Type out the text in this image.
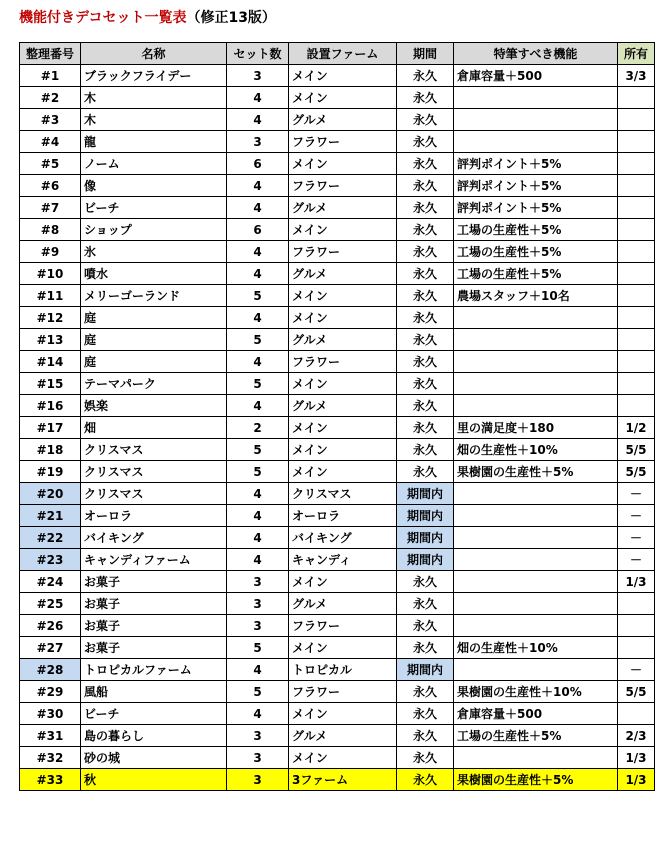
機能付きデコセット一覧表（修正13版）
整理番号	名称	セット数	設置ファーム	期間	特筆すべき機能	所有
#1	ブラックフライデー	3	メイン	永久	倉庫容量＋500	3/3
#2	木	4	メイン	永久		
#3	木	4	グルメ	永久		
#4	龍	3	フラワー	永久		
#5	ノーム	6	メイン	永久	評判ポイント＋5%	
#6	像	4	フラワー	永久	評判ポイント＋5%	
#7	ビーチ	4	グルメ	永久	評判ポイント＋5%	
#8	ショップ	6	メイン	永久	工場の生産性＋5%	
#9	氷	4	フラワー	永久	工場の生産性＋5%	
#10	噴水	4	グルメ	永久	工場の生産性＋5%	
#11	メリーゴーランド	5	メイン	永久	農場スタッフ＋10名	
#12	庭	4	メイン	永久		
#13	庭	5	グルメ	永久		
#14	庭	4	フラワー	永久		
#15	テーマパーク	5	メイン	永久		
#16	娯楽	4	グルメ	永久		
#17	畑	2	メイン	永久	里の満足度＋180	1/2
#18	クリスマス	5	メイン	永久	畑の生産性＋10%	5/5
#19	クリスマス	5	メイン	永久	果樹園の生産性＋5%	5/5
#20	クリスマス	4	クリスマス	期間内		－
#21	オーロラ	4	オーロラ	期間内		－
#22	バイキング	4	バイキング	期間内		－
#23	キャンディファーム	4	キャンディ	期間内		－
#24	お菓子	3	メイン	永久		1/3
#25	お菓子	3	グルメ	永久		
#26	お菓子	3	フラワー	永久		
#27	お菓子	5	メイン	永久	畑の生産性＋10%	
#28	トロピカルファーム	4	トロピカル	期間内		－
#29	風船	5	フラワー	永久	果樹園の生産性＋10%	5/5
#30	ビーチ	4	メイン	永久	倉庫容量＋500	
#31	島の暮らし	3	グルメ	永久	工場の生産性＋5%	2/3
#32	砂の城	3	メイン	永久		1/3
#33	秋	3	3ファーム	永久	果樹園の生産性＋5%	1/3
